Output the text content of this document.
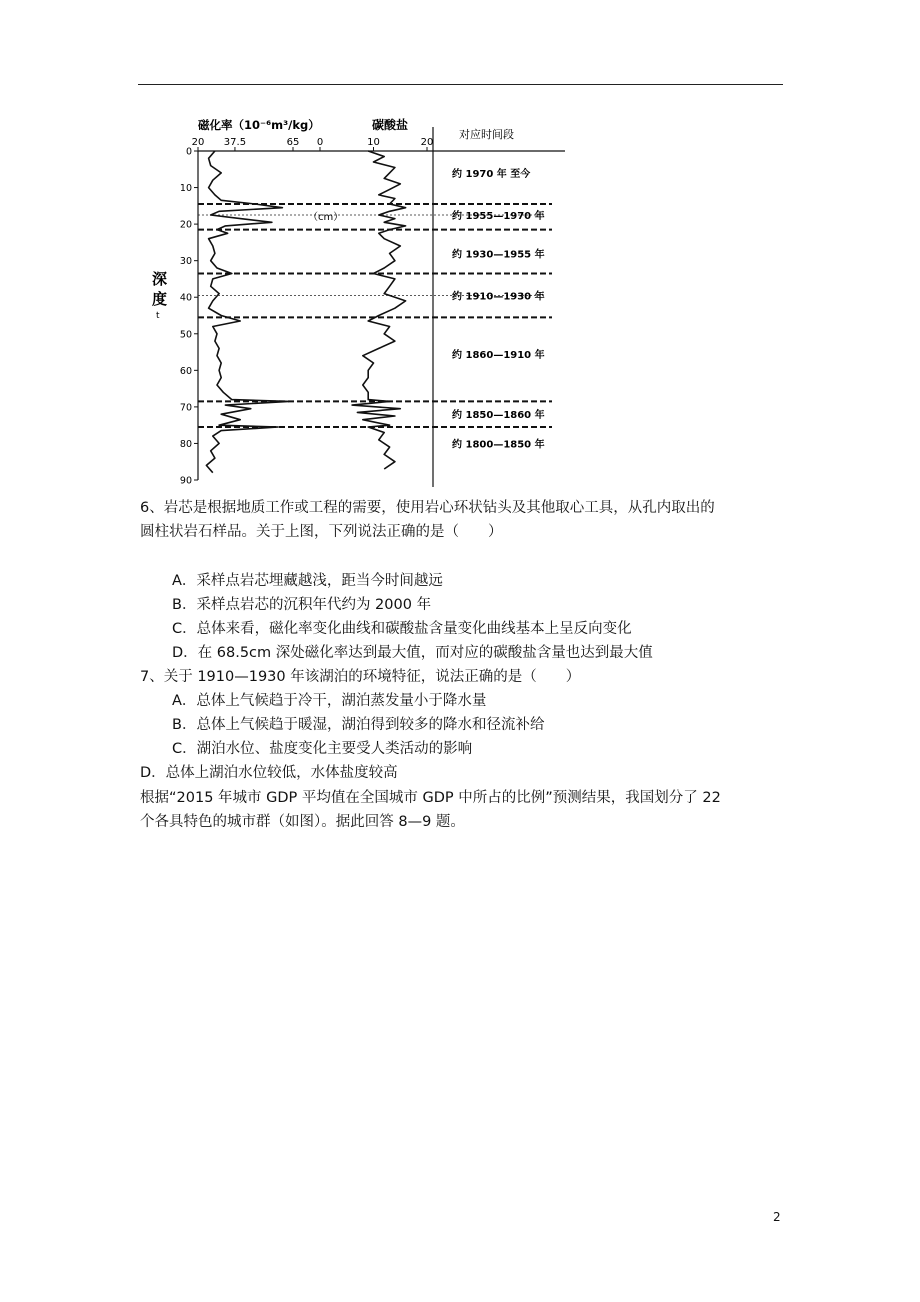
磁化率（10⁻⁶m³/kg）	碳酸盐
对应时间段
（cm）
深
度
t
20 37.5	65 0	10	20
0
10
20
30
40
50
60
70
80
90
约 1970 年 至今
约 1955—1970 年
约 1930—1955 年
约 1910—1930 年
约 1860—1910 年
约 1850—1860 年
约 1800—1850 年
6、岩芯是根据地质工作或工程的需要，使用岩心环状钻头及其他取心工具，从孔内取出的
圆柱状岩石样品。关于上图，下列说法正确的是（　　）
A．采样点岩芯埋藏越浅，距当今时间越远
B．采样点岩芯的沉积年代约为 2000 年
C．总体来看，磁化率变化曲线和碳酸盐含量变化曲线基本上呈反向变化
D．在 68.5cm 深处磁化率达到最大值，而对应的碳酸盐含量也达到最大值
7、关于 1910—1930 年该湖泊的环境特征，说法正确的是（　　）
A．总体上气候趋于冷干，湖泊蒸发量小于降水量
B．总体上气候趋于暖湿，湖泊得到较多的降水和径流补给
C．湖泊水位、盐度变化主要受人类活动的影响
D．总体上湖泊水位较低，水体盐度较高
根据“2015 年城市 GDP 平均值在全国城市 GDP 中所占的比例”预测结果，我国划分了 22
个各具特色的城市群（如图）。据此回答 8—9 题。
2
